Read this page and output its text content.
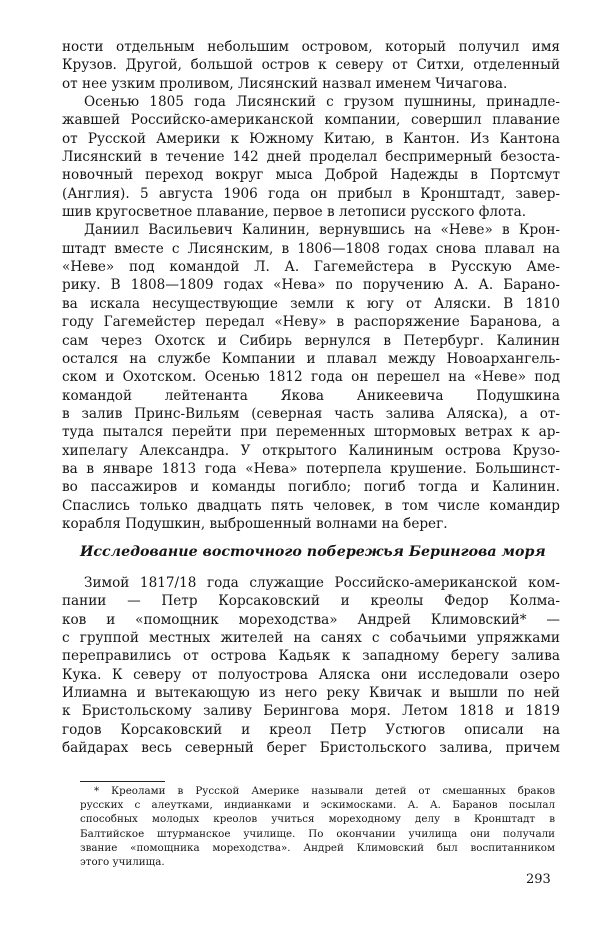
ности отдельным небольшим островом, который получил имя
Крузов. Другой, большой остров к северу от Ситхи, отделенный
от нее узким проливом, Лисянский назвал именем Чичагова.
Осенью 1805 года Лисянский с грузом пушнины, принадле-
жавшей Российско-американской компании, совершил плавание
от Русской Америки к Южному Китаю, в Кантон. Из Кантона
Лисянский в течение 142 дней проделал беспримерный безоста-
новочный переход вокруг мыса Доброй Надежды в Портсмут
(Англия). 5 августа 1906 года он прибыл в Кронштадт, завер-
шив кругосветное плавание, первое в летописи русского флота.
Даниил Васильевич Калинин, вернувшись на «Неве» в Крон-
штадт вместе с Лисянским, в 1806—1808 годах снова плавал на
«Неве» под командой Л. А. Гагемейстера в Русскую Аме-
рику. В 1808—1809 годах «Нева» по поручению А. А. Барано-
ва искала несуществующие земли к югу от Аляски. В 1810
году Гагемейстер передал «Неву» в распоряжение Баранова, а
сам через Охотск и Сибирь вернулся в Петербург. Калинин
остался на службе Компании и плавал между Новоархангель-
ском и Охотском. Осенью 1812 года он перешел на «Неве» под
командой лейтенанта Якова Аникеевича Подушкина
в залив Принс-Вильям (северная часть залива Аляска), а от-
туда пытался перейти при переменных штормовых ветрах к ар-
хипелагу Александра. У открытого Калининым острова Крузо-
ва в январе 1813 года «Нева» потерпела крушение. Большинст-
во пассажиров и команды погибло; погиб тогда и Калинин.
Спаслись только двадцать пять человек, в том числе командир
корабля Подушкин, выброшенный волнами на берег.
Исследование восточного побережья Берингова моря
Зимой 1817/18 года служащие Российско-американской ком-
пании — Петр Корсаковский и креолы Федор Колма-
ков и «помощник мореходства» Андрей Климовский* —
с группой местных жителей на санях с собачьими упряжками
переправились от острова Кадьяк к западному берегу залива
Кука. К северу от полуострова Аляска они исследовали озеро
Илиамна и вытекающую из него реку Квичак и вышли по ней
к Бристольскому заливу Берингова моря. Летом 1818 и 1819
годов Корсаковский и креол Петр Устюгов описали на
байдарах весь северный берег Бристольского залива, причем
* Креолами в Русской Америке называли детей от смешанных браков
русских с алеутками, индианками и эскимосками. А. А. Баранов посылал
способных молодых креолов учиться мореходному делу в Кронштадт в
Балтийское штурманское училище. По окончании училища они получали
звание «помощника мореходства». Андрей Климовский был воспитанником
этого училища.
293
